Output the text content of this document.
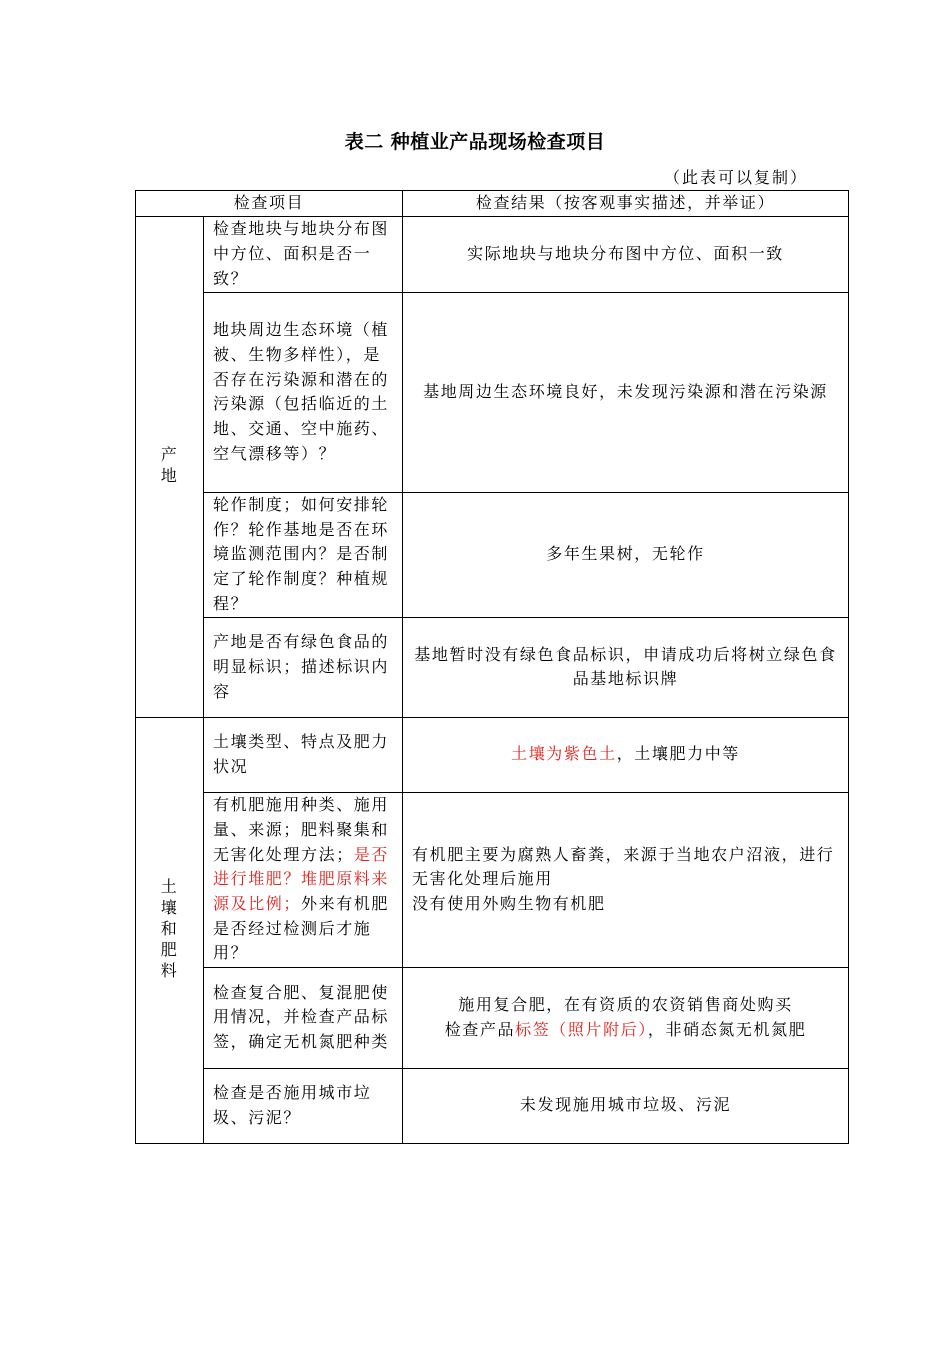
表二 种植业产品现场检查项目
（此表可以复制）
检查项目		检查结果（按客观事实描述，并举证）
产地	检查地块与地块分布图中方位、面积是否一致？	实际地块与地块分布图中方位、面积一致
	地块周边生态环境（植被、生物多样性），是否存在污染源和潜在的污染源（包括临近的土地、交通、空中施药、空气漂移等）？	基地周边生态环境良好，未发现污染源和潜在污染源
	轮作制度；如何安排轮作？轮作基地是否在环境监测范围内？是否制定了轮作制度？种植规程？	多年生果树，无轮作
	产地是否有绿色食品的明显标识；描述标识内容	基地暂时没有绿色食品标识，申请成功后将树立绿色食品基地标识牌
土壤和肥料	土壤类型、特点及肥力状况	土壤为紫色土，土壤肥力中等
	有机肥施用种类、施用量、来源；肥料聚集和无害化处理方法；是否进行堆肥？堆肥原料来源及比例；外来有机肥是否经过检测后才施用？	有机肥主要为腐熟人畜粪，来源于当地农户沼液，进行无害化处理后施用
没有使用外购生物有机肥

	检查复合肥、复混肥使用情况，并检查产品标签，确定无机氮肥种类	施用复合肥，在有资质的农资销售商处购买
检查产品标签（照片附后），非硝态氮无机氮肥

	检查是否施用城市垃圾、污泥？	未发现施用城市垃圾、污泥
